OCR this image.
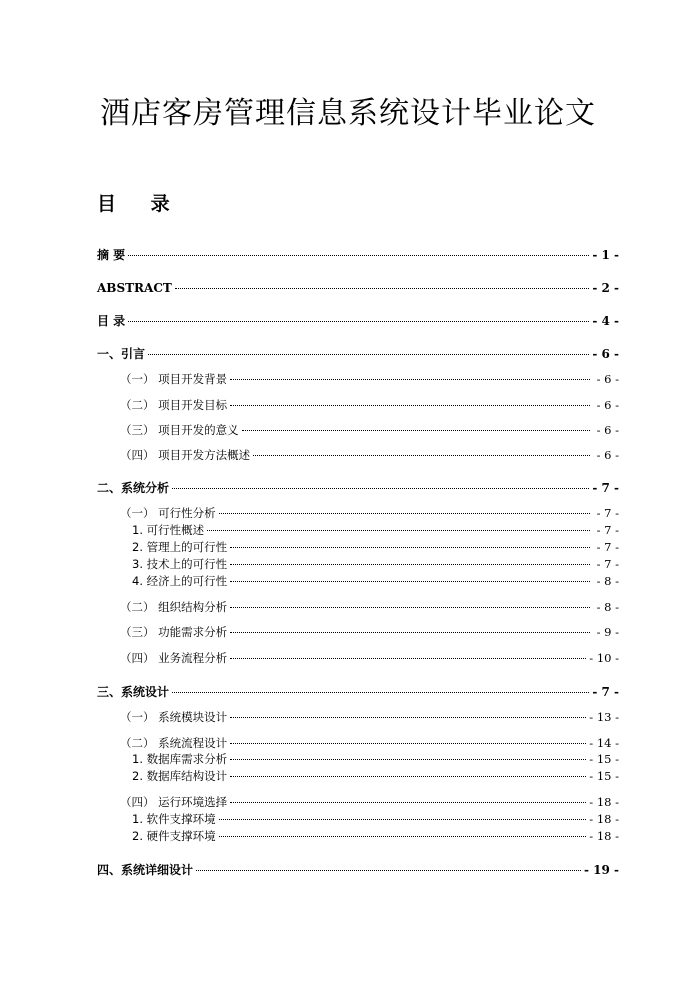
酒店客房管理信息系统设计毕业论文
目 录
摘 要	- 1 -
ABSTRACT	- 2 -
目 录	- 4 -
一、引言	- 6 -
（一） 项目开发背景	- 6 -
（二） 项目开发目标	- 6 -
（三） 项目开发的意义	- 6 -
（四） 项目开发方法概述	- 6 -
二、系统分析	- 7 -
（一） 可行性分析	- 7 -
1. 可行性概述	- 7 -
2. 管理上的可行性	- 7 -
3. 技术上的可行性	- 7 -
4. 经济上的可行性	- 8 -
（二） 组织结构分析	- 8 -
（三） 功能需求分析	- 9 -
（四） 业务流程分析	- 10 -
三、系统设计	- 7 -
（一） 系统模块设计	- 13 -
（二） 系统流程设计	- 14 -
1. 数据库需求分析	- 15 -
2. 数据库结构设计	- 15 -
（四） 运行环境选择	- 18 -
1. 软件支撑环境	- 18 -
2. 硬件支撑环境	- 18 -
四、系统详细设计	- 19 -
